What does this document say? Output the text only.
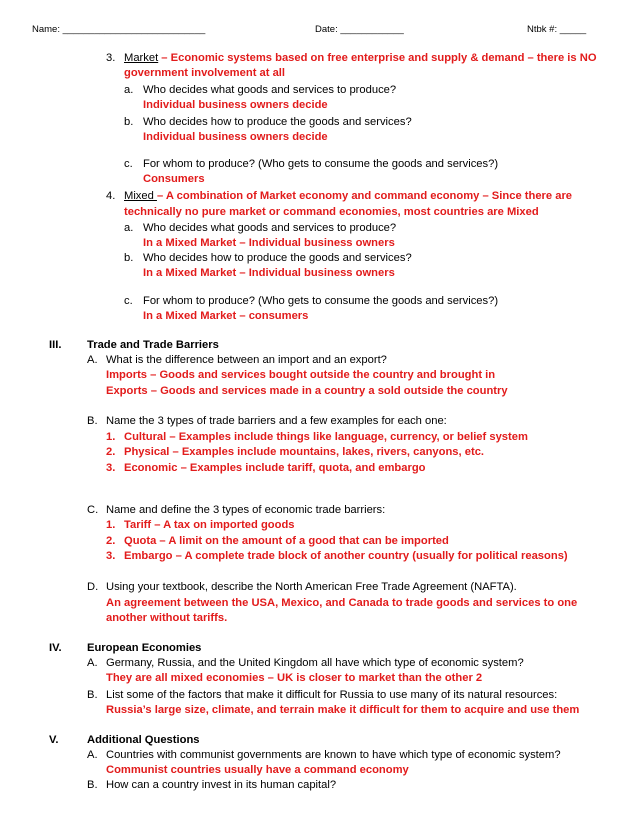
Name: ___________________________	Date: ____________	Ntbk #: _____
3. Market – Economic systems based on free enterprise and supply & demand – there is NO
government involvement at all
a. Who decides what goods and services to produce?
Individual business owners decide
b. Who decides how to produce the goods and services?
Individual business owners decide
c. For whom to produce? (Who gets to consume the goods and services?)
Consumers
4. Mixed – A combination of Market economy and command economy – Since there are
technically no pure market or command economies, most countries are Mixed
a. Who decides what goods and services to produce?
In a Mixed Market – Individual business owners
b. Who decides how to produce the goods and services?
In a Mixed Market – Individual business owners
c. For whom to produce? (Who gets to consume the goods and services?)
In a Mixed Market – consumers
III. Trade and Trade Barriers
A. What is the difference between an import and an export?
Imports – Goods and services bought outside the country and brought in
Exports – Goods and services made in a country a sold outside the country
B. Name the 3 types of trade barriers and a few examples for each one:
1. Cultural – Examples include things like language, currency, or belief system
2. Physical – Examples include mountains, lakes, rivers, canyons, etc.
3. Economic – Examples include tariff, quota, and embargo
C. Name and define the 3 types of economic trade barriers:
1. Tariff – A tax on imported goods
2. Quota – A limit on the amount of a good that can be imported
3. Embargo – A complete trade block of another country (usually for political reasons)
D. Using your textbook, describe the North American Free Trade Agreement (NAFTA).
An agreement between the USA, Mexico, and Canada to trade goods and services to one
another without tariffs.
IV. European Economies
A. Germany, Russia, and the United Kingdom all have which type of economic system?
They are all mixed economies – UK is closer to market than the other 2
B. List some of the factors that make it difficult for Russia to use many of its natural resources:
Russia’s large size, climate, and terrain make it difficult for them to acquire and use them
V.	Additional Questions
A. Countries with communist governments are known to have which type of economic system?
Communist countries usually have a command economy
B. How can a country invest in its human capital?
